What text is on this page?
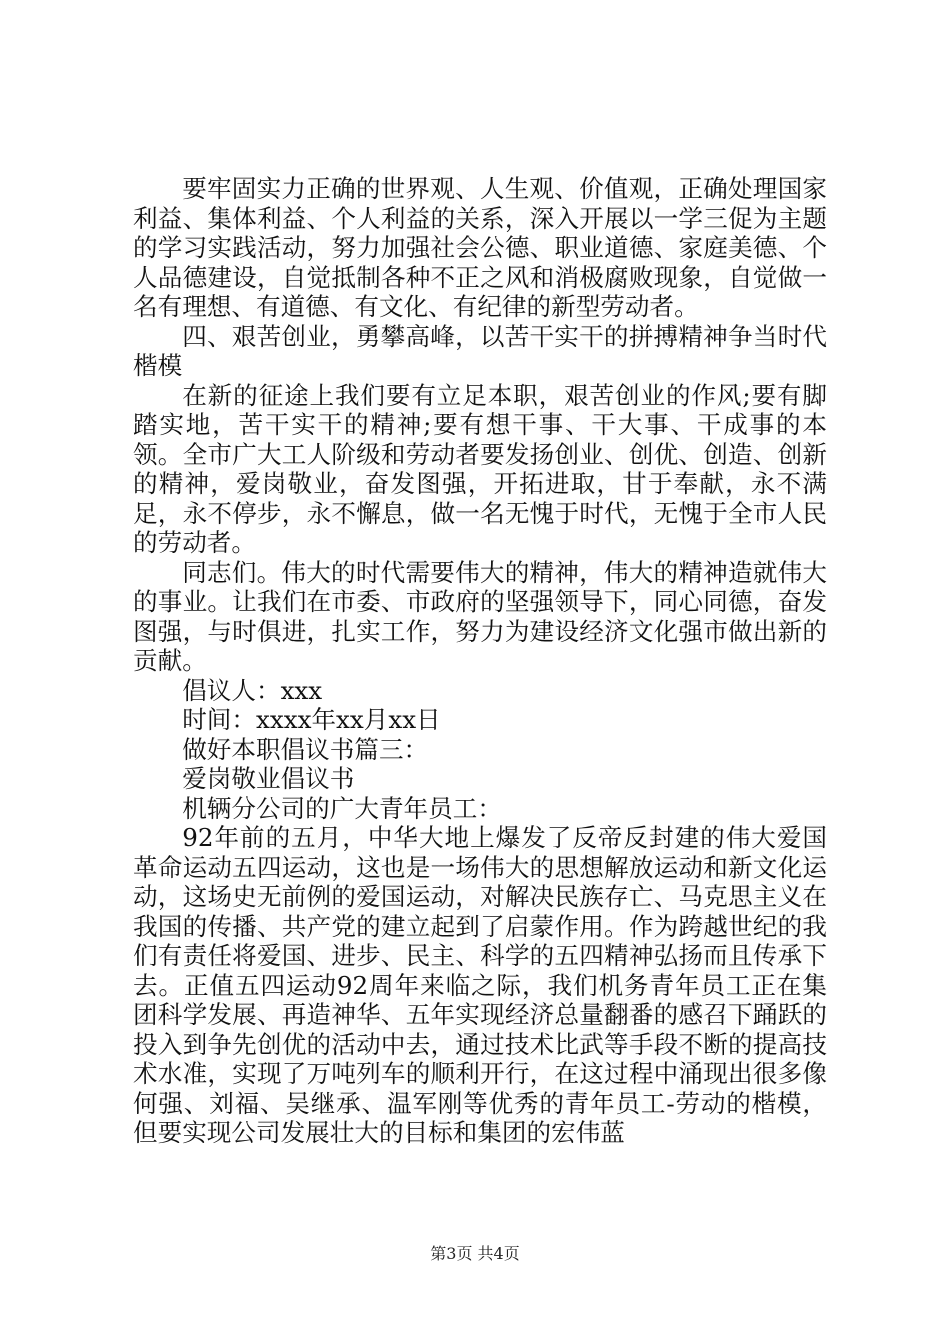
要牢固实力正确的世界观、人生观、价值观，正确处理国家利益、集体利益、个人利益的关系，深入开展以一学三促为主题的学习实践活动，努力加强社会公德、职业道德、家庭美德、个人品德建设，自觉抵制各种不正之风和消极腐败现象，自觉做一名有理想、有道德、有文化、有纪律的新型劳动者。

四、艰苦创业，勇攀高峰，以苦干实干的拼搏精神争当时代楷模

在新的征途上我们要有立足本职，艰苦创业的作风;要有脚踏实地，苦干实干的精神;要有想干事、干大事、干成事的本领。全市广大工人阶级和劳动者要发扬创业、创优、创造、创新的精神，爱岗敬业，奋发图强，开拓进取，甘于奉献，永不满足，永不停步，永不懈息，做一名无愧于时代，无愧于全市人民的劳动者。

同志们。伟大的时代需要伟大的精神，伟大的精神造就伟大的事业。让我们在市委、市政府的坚强领导下，同心同德，奋发图强，与时俱进，扎实工作，努力为建设经济文化强市做出新的贡献。

倡议人：xxx

时间：xxxx年xx月xx日

做好本职倡议书篇三：

爱岗敬业倡议书

机辆分公司的广大青年员工：

92年前的五月，中华大地上爆发了反帝反封建的伟大爱国革命运动五四运动，这也是一场伟大的思想解放运动和新文化运动，这场史无前例的爱国运动，对解决民族存亡、马克思主义在我国的传播、共产党的建立起到了启蒙作用。作为跨越世纪的我们有责任将爱国、进步、民主、科学的五四精神弘扬而且传承下去。正值五四运动92周年来临之际，我们机务青年员工正在集团科学发展、再造神华、五年实现经济总量翻番的感召下踊跃的投入到争先创优的活动中去，通过技术比武等手段不断的提高技术水准，实现了万吨列车的顺利开行，在这过程中涌现出很多像何强、刘福、吴继承、温军刚等优秀的青年员工-劳动的楷模，但要实现公司发展壮大的目标和集团的宏伟蓝

第3页 共4页
